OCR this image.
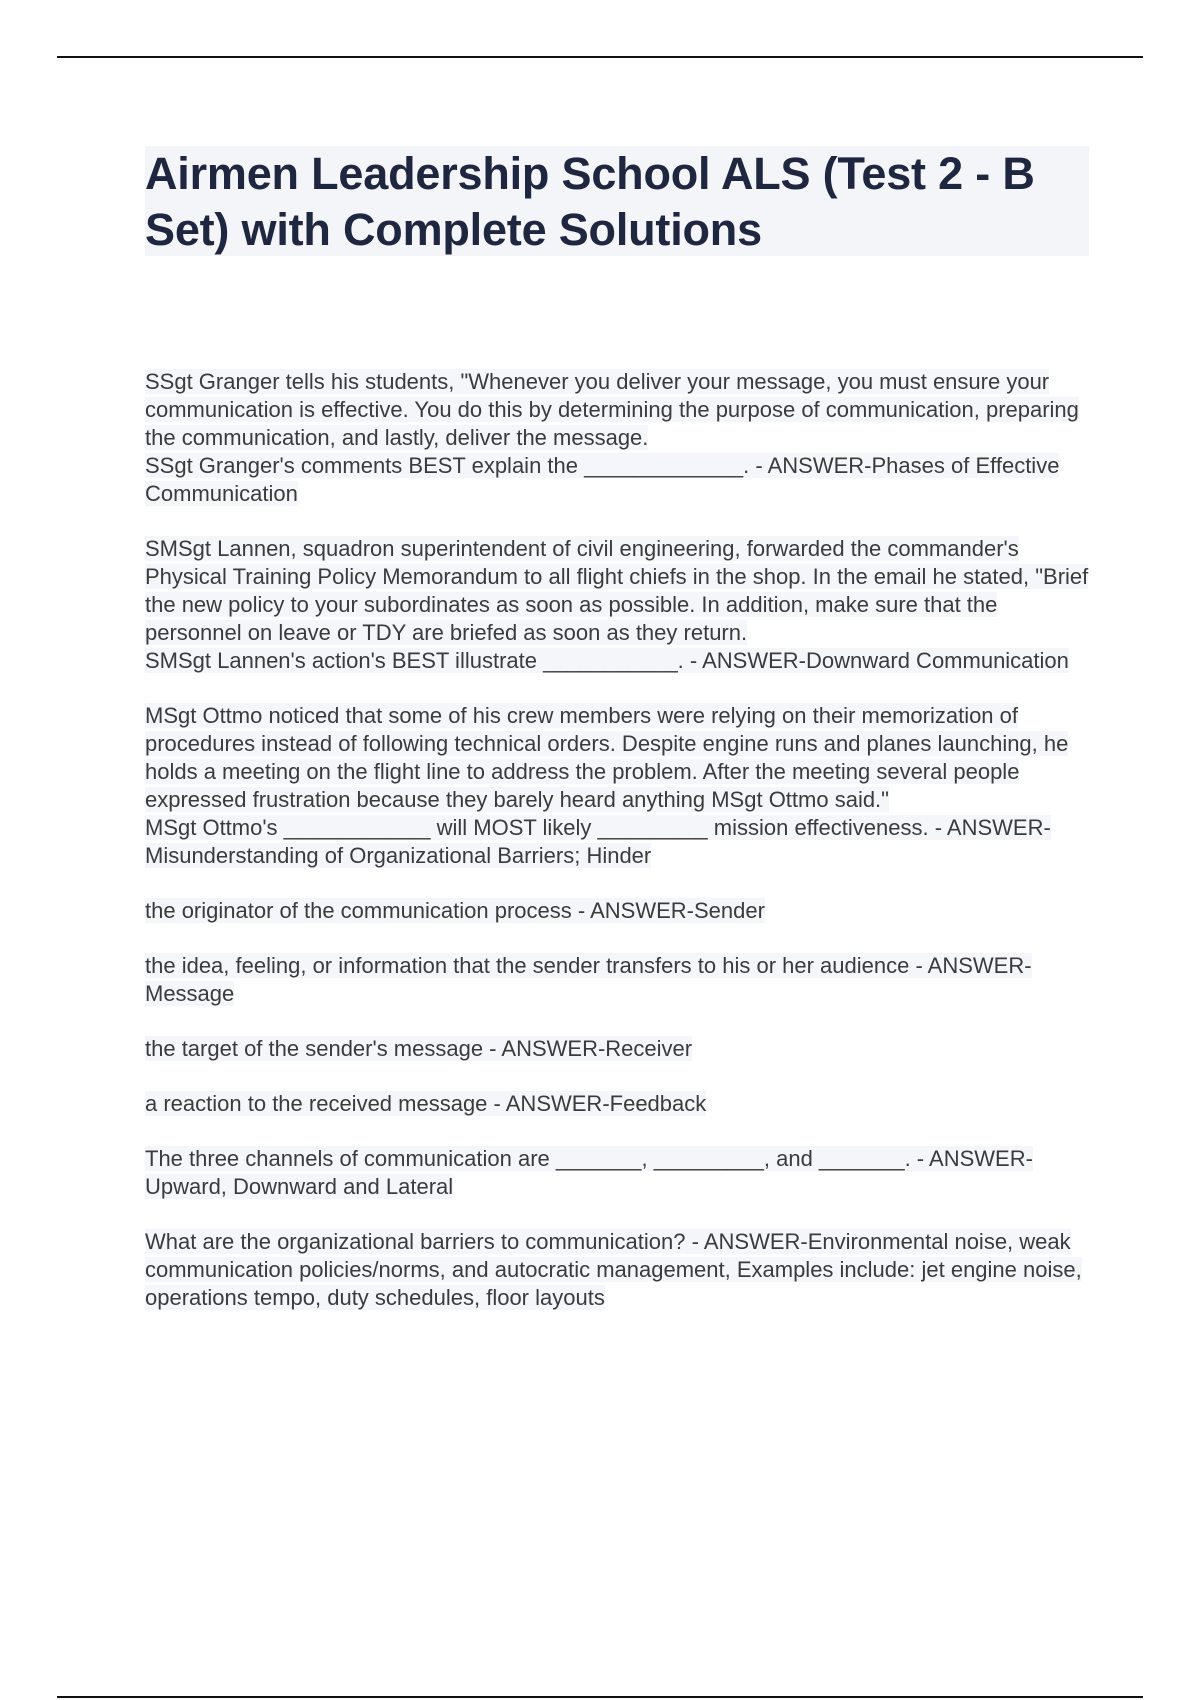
Airmen Leadership School ALS (Test 2 - B Set) with Complete Solutions

SSgt Granger tells his students, "Whenever you deliver your message, you must ensure your communication is effective. You do this by determining the purpose of communication, preparing the communication, and lastly, deliver the message.
SSgt Granger's comments BEST explain the _____________. - ANSWER-Phases of Effective Communication

SMSgt Lannen, squadron superintendent of civil engineering, forwarded the commander's Physical Training Policy Memorandum to all flight chiefs in the shop. In the email he stated, "Brief the new policy to your subordinates as soon as possible. In addition, make sure that the personnel on leave or TDY are briefed as soon as they return.
SMSgt Lannen's action's BEST illustrate ___________. - ANSWER-Downward Communication

MSgt Ottmo noticed that some of his crew members were relying on their memorization of procedures instead of following technical orders. Despite engine runs and planes launching, he holds a meeting on the flight line to address the problem. After the meeting several people expressed frustration because they barely heard anything MSgt Ottmo said."
MSgt Ottmo's ____________ will MOST likely _________ mission effectiveness. - ANSWER-Misunderstanding of Organizational Barriers; Hinder

the originator of the communication process - ANSWER-Sender

the idea, feeling, or information that the sender transfers to his or her audience - ANSWER-Message

the target of the sender's message - ANSWER-Receiver

a reaction to the received message - ANSWER-Feedback

The three channels of communication are _______, _________, and _______. - ANSWER-Upward, Downward and Lateral

What are the organizational barriers to communication? - ANSWER-Environmental noise, weak communication policies/norms, and autocratic management, Examples include: jet engine noise, operations tempo, duty schedules, floor layouts
